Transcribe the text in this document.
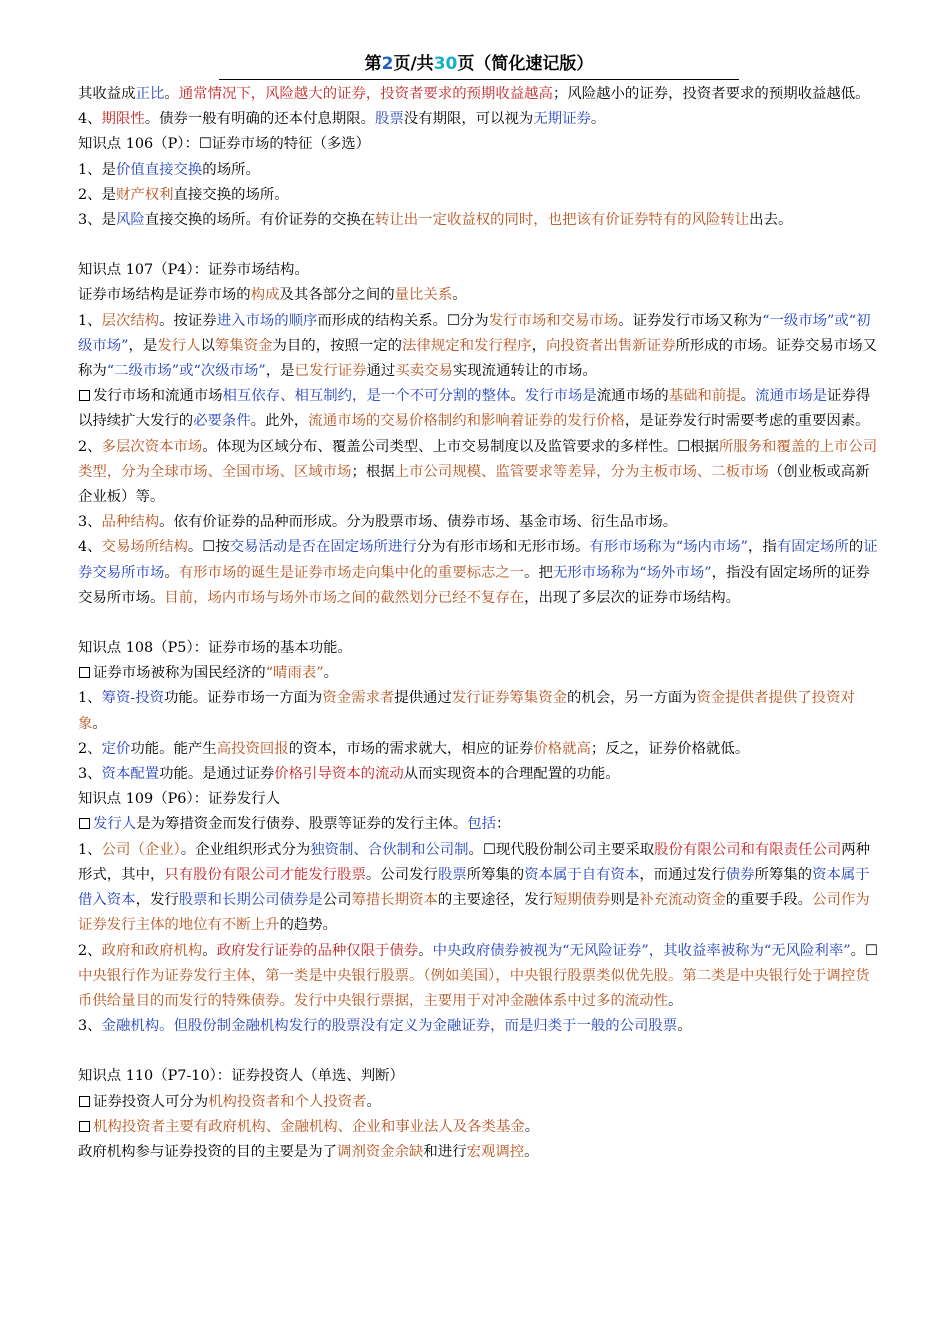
第2页/共30页（简化速记版）

其收益成正比。通常情况下，风险越大的证券，投资者要求的预期收益越高；风险越小的证券，投资者要求的预期收益越低。

4、期限性。债券一般有明确的还本付息期限。股票没有期限，可以视为无期证券。

知识点 106（P）：☐证券市场的特征（多选）

1、是价值直接交换的场所。

2、是财产权利直接交换的场所。

3、是风险直接交换的场所。有价证券的交换在转让出一定收益权的同时，也把该有价证券特有的风险转让出去。

知识点 107（P4）：证券市场结构。

证券市场结构是证券市场的构成及其各部分之间的量比关系。

1、层次结构。按证券进入市场的顺序而形成的结构关系。☐分为发行市场和交易市场。证券发行市场又称为“一级市场”或“初级市场”，是发行人以筹集资金为目的，按照一定的法律规定和发行程序，向投资者出售新证券所形成的市场。证券交易市场又称为“二级市场”或“次级市场”，是已发行证券通过买卖交易实现流通转让的市场。

发行市场和流通市场相互依存、相互制约，是一个不可分割的整体。发行市场是流通市场的基础和前提。流通市场是证券得以持续扩大发行的必要条件。此外，流通市场的交易价格制约和影响着证券的发行价格，是证券发行时需要考虑的重要因素。

2、多层次资本市场。体现为区域分布、覆盖公司类型、上市交易制度以及监管要求的多样性。☐根据所服务和覆盖的上市公司类型，分为全球市场、全国市场、区域市场；根据上市公司规模、监管要求等差异，分为主板市场、二板市场（创业板或高新企业板）等。

3、品种结构。依有价证券的品种而形成。分为股票市场、债券市场、基金市场、衍生品市场。

4、交易场所结构。☐按交易活动是否在固定场所进行分为有形市场和无形市场。有形市场称为“场内市场”，指有固定场所的证券交易所市场。有形市场的诞生是证券市场走向集中化的重要标志之一。把无形市场称为“场外市场”，指没有固定场所的证券交易所市场。目前，场内市场与场外市场之间的截然划分已经不复存在，出现了多层次的证券市场结构。

知识点 108（P5）：证券市场的基本功能。

证券市场被称为国民经济的“晴雨表”。

1、筹资-投资功能。证券市场一方面为资金需求者提供通过发行证券筹集资金的机会，另一方面为资金提供者提供了投资对象。

2、定价功能。能产生高投资回报的资本，市场的需求就大，相应的证券价格就高；反之，证券价格就低。

3、资本配置功能。是通过证券价格引导资本的流动从而实现资本的合理配置的功能。

知识点 109（P6）：证券发行人

发行人是为筹措资金而发行债券、股票等证券的发行主体。包括：

1、公司（企业）。企业组织形式分为独资制、合伙制和公司制。☐现代股份制公司主要采取股份有限公司和有限责任公司两种形式，其中，只有股份有限公司才能发行股票。公司发行股票所筹集的资本属于自有资本，而通过发行债券所筹集的资本属于借入资本，发行股票和长期公司债券是公司筹措长期资本的主要途径，发行短期债券则是补充流动资金的重要手段。公司作为证券发行主体的地位有不断上升的趋势。

2、政府和政府机构。政府发行证券的品种仅限于债券。中央政府债券被视为“无风险证券”，其收益率被称为“无风险利率”。☐中央银行作为证券发行主体，第一类是中央银行股票。（例如美国），中央银行股票类似优先股。第二类是中央银行处于调控货币供给量目的而发行的特殊债券。发行中央银行票据，主要用于对冲金融体系中过多的流动性。

3、金融机构。但股份制金融机构发行的股票没有定义为金融证券，而是归类于一般的公司股票。

知识点 110（P7-10）：证券投资人（单选、判断）

证券投资人可分为机构投资者和个人投资者。

机构投资者主要有政府机构、金融机构、企业和事业法人及各类基金。

政府机构参与证券投资的目的主要是为了调剂资金余缺和进行宏观调控。
